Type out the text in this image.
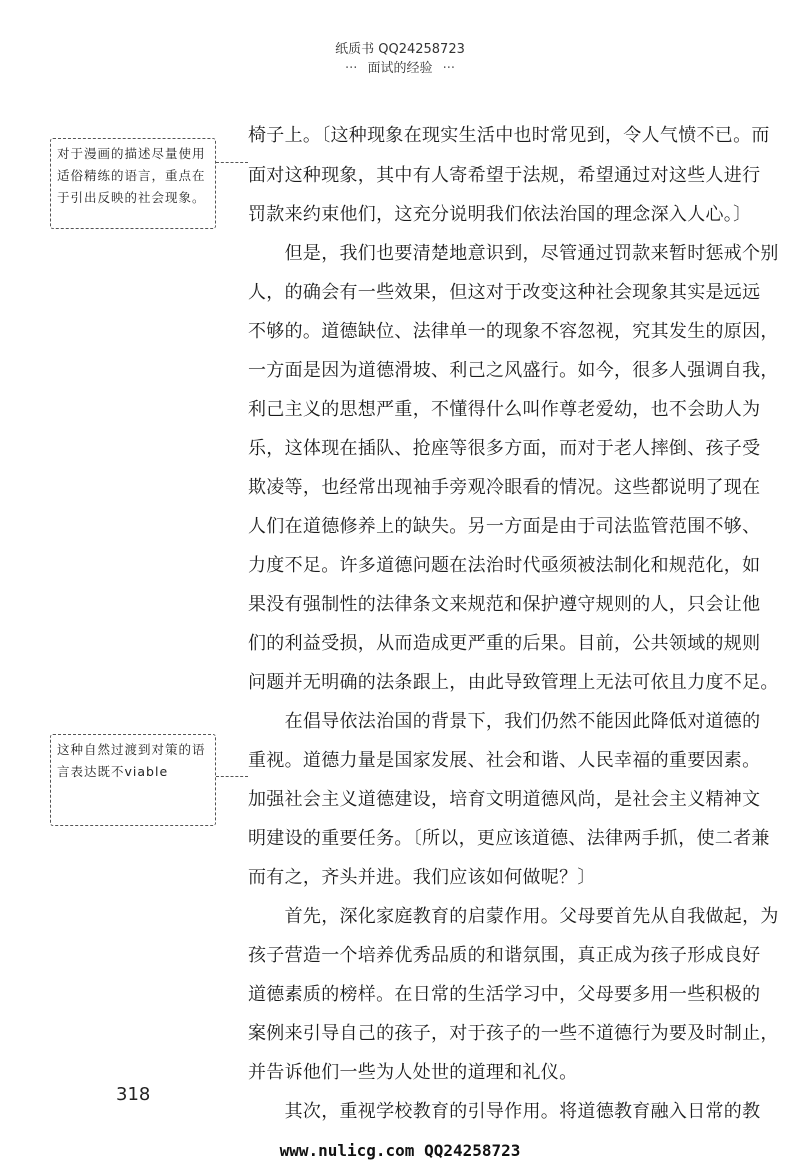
纸质书 QQ24258723
··· 面试的经验 ···
对于漫画的描述尽量使用适俗精练的语言，重点在于引出反映的社会现象。
这种自然过渡到对策的语言表达既不viable
椅子上。〔这种现象在现实生活中也时常见到，令人气愤不已。而
面对这种现象，其中有人寄希望于法规，希望通过对这些人进行
罚款来约束他们，这充分说明我们依法治国的理念深入人心。〕
　　但是，我们也要清楚地意识到，尽管通过罚款来暂时惩戒个别
人，的确会有一些效果，但这对于改变这种社会现象其实是远远
不够的。道德缺位、法律单一的现象不容忽视，究其发生的原因，
一方面是因为道德滑坡、利己之风盛行。如今，很多人强调自我，
利己主义的思想严重，不懂得什么叫作尊老爱幼，也不会助人为
乐，这体现在插队、抢座等很多方面，而对于老人摔倒、孩子受
欺凌等，也经常出现袖手旁观冷眼看的情况。这些都说明了现在
人们在道德修养上的缺失。另一方面是由于司法监管范围不够、
力度不足。许多道德问题在法治时代亟须被法制化和规范化，如
果没有强制性的法律条文来规范和保护遵守规则的人，只会让他
们的利益受损，从而造成更严重的后果。目前，公共领域的规则
问题并无明确的法条跟上，由此导致管理上无法可依且力度不足。
　　在倡导依法治国的背景下，我们仍然不能因此降低对道德的
重视。道德力量是国家发展、社会和谐、人民幸福的重要因素。
加强社会主义道德建设，培育文明道德风尚，是社会主义精神文
明建设的重要任务。〔所以，更应该道德、法律两手抓，使二者兼
而有之，齐头并进。我们应该如何做呢？〕
　　首先，深化家庭教育的启蒙作用。父母要首先从自我做起，为
孩子营造一个培养优秀品质的和谐氛围，真正成为孩子形成良好
道德素质的榜样。在日常的生活学习中，父母要多用一些积极的
案例来引导自己的孩子，对于孩子的一些不道德行为要及时制止，
并告诉他们一些为人处世的道理和礼仪。
　　其次，重视学校教育的引导作用。将道德教育融入日常的教
318
www.nulicg.com QQ24258723
